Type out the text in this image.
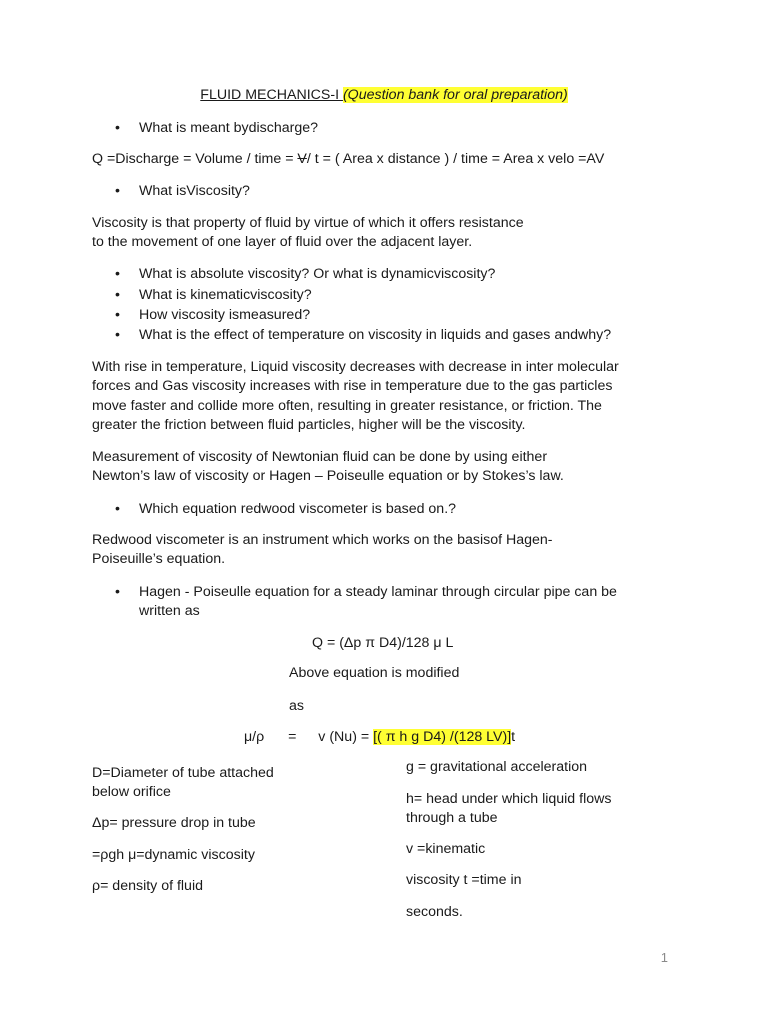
FLUID MECHANICS-I (Question bank for oral preparation)
• What is meant bydischarge?
Q =Discharge = Volume / time = V/ t = ( Area x distance ) / time = Area x velo =AV
• What isViscosity?
Viscosity is that property of fluid by virtue of which it offers resistance
to the movement of one layer of fluid over the adjacent layer.
• What is absolute viscosity? Or what is dynamicviscosity?
• What is kinematicviscosity?
• How viscosity ismeasured?
• What is the effect of temperature on viscosity in liquids and gases andwhy?
With rise in temperature, Liquid viscosity decreases with decrease in inter molecular
forces and Gas viscosity increases with rise in temperature due to the gas particles
move faster and collide more often, resulting in greater resistance, or friction. The
greater the friction between fluid particles, higher will be the viscosity.
Measurement of viscosity of Newtonian fluid can be done by using either
Newton’s law of viscosity or Hagen – Poiseulle equation or by Stokes’s law.
• Which equation redwood viscometer is based on.?
Redwood viscometer is an instrument which works on the basisof Hagen-
Poiseuille’s equation.
• Hagen - Poiseulle equation for a steady laminar through circular pipe can be
written as
Q = (Δp π D4)/128 μ L
Above equation is modified
as
μ/ρ = v (Nu) = [( π h g D4) /(128 LV)]t
D=Diameter of tube attached
below orifice
Δp= pressure drop in tube
=ρgh μ=dynamic viscosity
ρ= density of fluid
g = gravitational acceleration
h= head under which liquid flows
through a tube
v =kinematic
viscosity t =time in
seconds.
1
